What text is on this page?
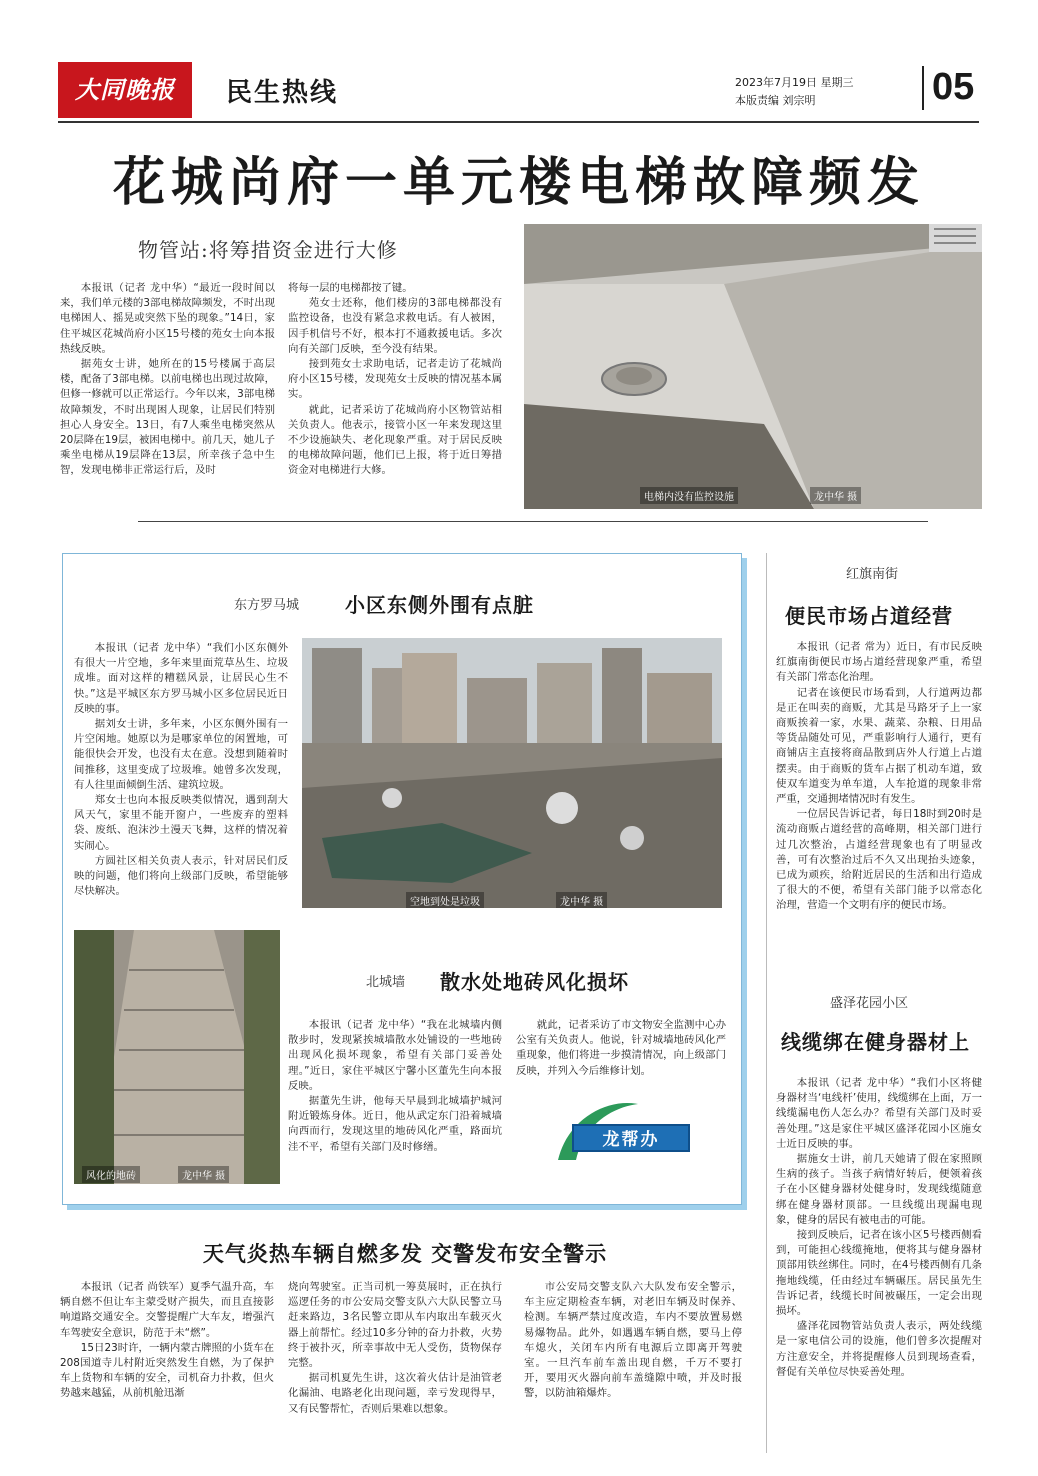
大同晚报	民生热线	2023年7月19日 星期三
本版责编 刘宗明	05
花城尚府一单元楼电梯故障频发
物管站:将筹措资金进行大修

本报讯（记者 龙中华）“最近一段时间以来，我们单元楼的3部电梯故障频发，不时出现电梯困人、摇晃或突然下坠的现象。”14日，家住平城区花城尚府小区15号楼的苑女士向本报热线反映。

据苑女士讲，她所在的15号楼属于高层楼，配备了3部电梯。以前电梯也出现过故障，但修一修就可以正常运行。今年以来，3部电梯故障频发，不时出现困人现象，让居民们特别担心人身安全。13日，有7人乘坐电梯突然从20层降在19层，被困电梯中。前几天，她儿子乘坐电梯从19层降在13层，所幸孩子急中生智，发现电梯非正常运行后，及时

将每一层的电梯都按了键。

苑女士还称，他们楼房的3部电梯都没有监控设备，也没有紧急求救电话。有人被困，因手机信号不好，根本打不通救援电话。多次向有关部门反映，至今没有结果。

接到苑女士求助电话，记者走访了花城尚府小区15号楼，发现苑女士反映的情况基本属实。

就此，记者采访了花城尚府小区物管站相关负责人。他表示，接管小区一年来发现这里不少设施缺失、老化现象严重。对于居民反映的电梯故障问题，他们已上报，将于近日筹措资金对电梯进行大修。

电梯内没有监控设施	龙中华 摄
东方罗马城 小区东侧外围有点脏

本报讯（记者 龙中华）“我们小区东侧外有很大一片空地，多年来里面荒草丛生、垃圾成堆。面对这样的糟糕风景，让居民心生不快。”这是平城区东方罗马城小区多位居民近日反映的事。

据刘女士讲，多年来，小区东侧外围有一片空闲地。她原以为是哪家单位的闲置地，可能很快会开发，也没有太在意。没想到随着时间推移，这里变成了垃圾堆。她曾多次发现，有人往里面倾倒生活、建筑垃圾。

郑女士也向本报反映类似情况，遇到刮大风天气，家里不能开窗户，一些废弃的塑料袋、废纸、泡沫沙土漫天飞舞，这样的情况着实闹心。

方圆社区相关负责人表示，针对居民们反映的问题，他们将向上级部门反映，希望能够尽快解决。

空地到处是垃圾	龙中华 摄
风化的地砖	龙中华 摄
北城墙 散水处地砖风化损坏

本报讯（记者 龙中华）“我在北城墙内侧散步时，发现紧挨城墙散水处铺设的一些地砖出现风化损坏现象，希望有关部门妥善处理。”近日，家住平城区宁馨小区董先生向本报反映。

据董先生讲，他每天早晨到北城墙护城河附近锻炼身体。近日，他从武定东门沿着城墙向西而行，发现这里的地砖风化严重，路面坑洼不平，希望有关部门及时修缮。

就此，记者采访了市文物安全监测中心办公室有关负责人。他说，针对城墙地砖风化严重现象，他们将进一步摸清情况，向上级部门反映，并列入今后维修计划。

龙帮办
红旗南街
便民市场占道经营

本报讯（记者 常为）近日，有市民反映红旗南街便民市场占道经营现象严重，希望有关部门常态化治理。

记者在该便民市场看到，人行道两边都是正在叫卖的商贩，尤其是马路牙子上一家商贩挨着一家，水果、蔬菜、杂粮、日用品等货品随处可见，严重影响行人通行，更有商铺店主直接将商品散到店外人行道上占道摆卖。由于商贩的货车占据了机动车道，致使双车道变为单车道，人车抢道的现象非常严重，交通拥堵情况时有发生。

一位居民告诉记者，每日18时到20时是流动商贩占道经营的高峰期，相关部门进行过几次整治，占道经营现象也有了明显改善，可有次整治过后不久又出现抬头迹象，已成为顽疾，给附近居民的生活和出行造成了很大的不便，希望有关部门能予以常态化治理，营造一个文明有序的便民市场。

盛泽花园小区
线缆绑在健身器材上

本报讯（记者 龙中华）“我们小区将健身器材当‘电线杆’使用，线缆绑在上面，万一线缆漏电伤人怎么办？希望有关部门及时妥善处理。”这是家住平城区盛泽花园小区施女士近日反映的事。

据施女士讲，前几天她请了假在家照顾生病的孩子。当孩子病情好转后，便领着孩子在小区健身器材处健身时，发现线缆随意绑在健身器材顶部。一旦线缆出现漏电现象，健身的居民有被电击的可能。

接到反映后，记者在该小区5号楼西侧看到，可能担心线缆掩地，便将其与健身器材顶部用铁丝绑住。同时，在4号楼西侧有几条拖地线缆，任由经过车辆碾压。居民虽先生告诉记者，线缆长时间被碾压，一定会出现损坏。

盛泽花园物管站负责人表示，两处线缆是一家电信公司的设施，他们曾多次提醒对方注意安全，并将提醒修人员到现场查看，督促有关单位尽快妥善处理。

天气炎热车辆自燃多发 交警发布安全警示

本报讯（记者 尚铁军）夏季气温升高，车辆自燃不但让车主蒙受财产损失，而且直接影响道路交通安全。交警提醒广大车友，增强汽车驾驶安全意识，防范于未“燃”。

15日23时许，一辆内蒙古牌照的小货车在208国道寺儿村附近突然发生自燃，为了保护车上货物和车辆的安全，司机奋力扑救，但火势越来越猛，从前机舱迅渐

烧向驾驶室。正当司机一筹莫展时，正在执行巡逻任务的市公安局交警支队六大队民警立马赶来路边，3名民警立即从车内取出车载灭火器上前帮忙。经过10多分钟的奋力扑救，火势终于被扑灭，所幸事故中无人受伤，货物保存完整。

据司机夏先生讲，这次着火估计是油管老化漏油、电路老化出现问题，幸亏发现得早，又有民警帮忙，否则后果难以想象。

市公安局交警支队六大队发布安全警示，车主应定期检查车辆，对老旧车辆及时保养、检测。车辆严禁过度改造，车内不要放置易燃易爆物品。此外，如遇遇车辆自燃，要马上停车熄火，关闭车内所有电源后立即离开驾驶室。一旦汽车前车盖出现自燃，千万不要打开，要用灭火器向前车盖缝隙中喷，并及时报警，以防油箱爆炸。
